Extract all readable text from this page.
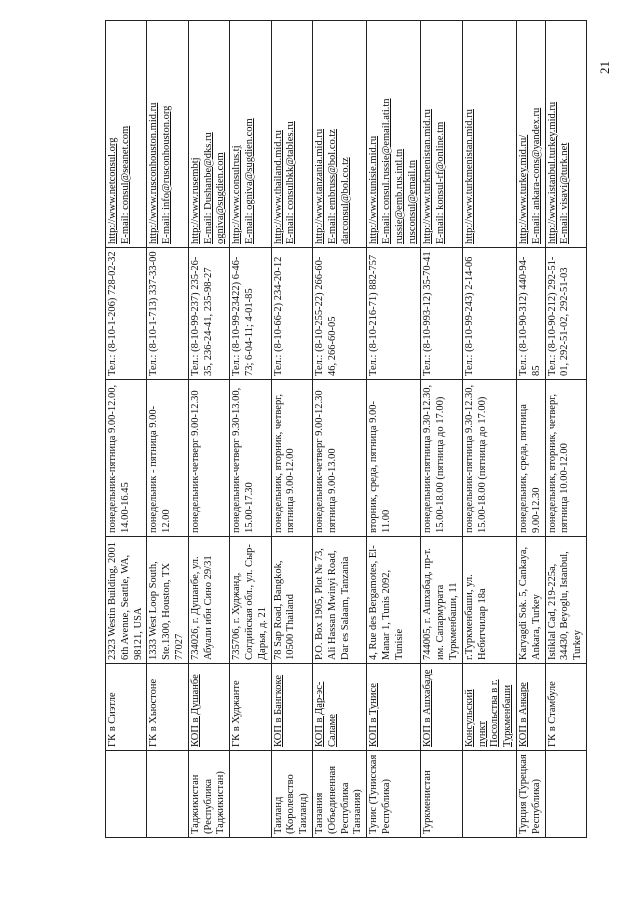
21
	ГК в Сиэтле	2323 Westin Building, 2001 6th Avenue, Seattle, WA, 98121, USA	понедельник-пятница 9.00-12.00, 14.00-16.45	Тел.: (8-10-1-206) 728-02-32	http://www.netconsul.org E-mail: consul@seanet.com

	ГК в Хьюстоне	1333 West Loop South, Ste.1300, Houston, TX 77027	понедельник - пятница 9.00-12.00	Тел.: (8-10-1-713) 337-33-00	http://www.rusconhouston.mid.ru E-mail: info@rusconhouston.org

Таджикистан (Республика Таджикистан)	КОП в Душанбе	734026, г. Душанбе, ул. Абуали ибн Сино 29/31	понедельник-четверг 9.00-12.30	Тел.: (8-10-99-237) 235-26-35, 236-24-41, 235-98-27	http://www.rusembtj E-mail: Dushanbe@dks.ru ogniva@sugdien.com

	ГК в Худжанте	735706, г. Худжанд, Согдийская обл., ул. Сыр-Дарья, д. 21	понедельник-четверг 9.30-13.00, 15.00-17.30	Тел.: (8-10-99-23422) 6-46-73; 6-04-11; 4-01-85	http://www.consulrus.tj E-mail: ogniva@sugdien.com

Таиланд (Королевство Таиланд)	КОП в Бангкоке	78 Sap Road, Bangkok, 10500 Thailand	понедельник, вторник, четверг, пятница 9.00-12.00	Тел.: (8-10-66-2) 234-20-12	http://www.thailand.mid.ru E-mail: consulbkk@tables.ru

Танзания (Объединенная Республика Танзания)	КОП в Дар-эс-Саламе	P.O. Box 1905, Plot № 73, Ali Hassan Mwinyi Road, Dar es Salaam, Tanzania	понедельник-четверг 9.00-12.30 пятница 9.00-13.00	Тел.: (8-10-255-22) 266-60-46, 266-60-05	http://www.tanzania.mid.ru E-mail: embruss@bol.co.tz darconsul@bol.co.tz

Тунис (Тунисская Республика)	КОП в Тунисе	4, Rue des Bergamotes, El-Manar 1, Tunis 2092, Tunisie	вторник, среда, пятница 9.00-11.00	Тел.: (8-10-216-71) 882-757	http://www.tunisie.mid.ru E-mail: consul.russie@email.ati.tn russie@emb.rus.intl.tn rusconsul@email.tn

Туркменистан	КОП в Ашхабаде	744005, г. Ашхабад, пр-т. им. Сапармурата Туркменбаши, 11	понедельник-пятница 9.30-12.30, 15.00-18.00 (пятница до 17.00)	Тел.: (8-10-993-12) 35-70-41	http://www.turkmenistan.mid.ru E-mail: konsul-rf@online.tm

	Консульский пункт Посольства в г. Туркменбаши	г.Туркменбаши, ул. Небитчилар 18а	понедельник-пятница 9.30-12.30, 15.00-18.00 (пятница до 17.00)	Тел.: (8-10-99-243) 2-14-06	http://www.turkmenistan.mid.ru

Турция (Турецкая Республика)	КОП в Анкаре	Karyagdi Sok. 5, Cankaya, Ankara, Turkey	понедельник, среда, пятница 9.00-12.30	Тел.: (8-10-90-312) 440-94-85	http://www.turkey.mid.ru/ E-mail: ankara-cons@yandex.ru

	ГК в Стамбуле	Istiklal Cad, 219-225a, 34430, Beyoglu, Istanbul, Turkey	понедельник, вторник, четверг, пятница 10.00-12.00	Тел.: (8-10-90-212) 292-51-01, 292-51-02, 292-51-03	http://www.istanbul.turkey.mid.ru E-mail: visavi@turk.net
